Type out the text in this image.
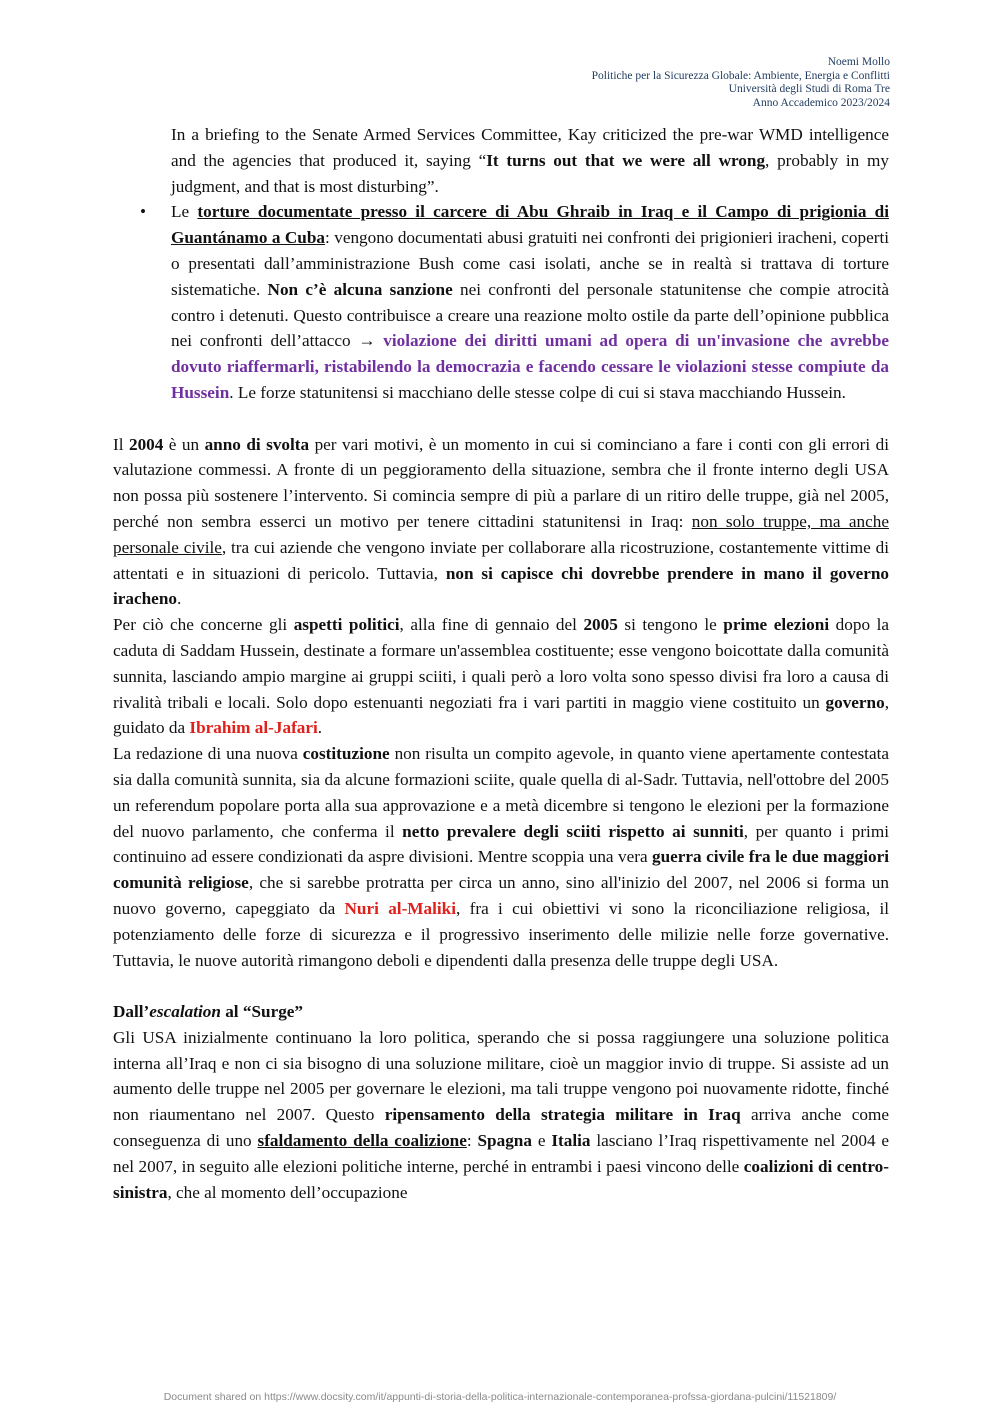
Noemi Mollo
Politiche per la Sicurezza Globale: Ambiente, Energia e Conflitti
Università degli Studi di Roma Tre
Anno Accademico 2023/2024

In a briefing to the Senate Armed Services Committee, Kay criticized the pre-war WMD intelligence and the agencies that produced it, saying “It turns out that we were all wrong, probably in my judgment, and that is most disturbing”.

• Le torture documentate presso il carcere di Abu Ghraib in Iraq e il Campo di prigionia di Guantánamo a Cuba: vengono documentati abusi gratuiti nei confronti dei prigionieri iracheni, coperti o presentati dall’amministrazione Bush come casi isolati, anche se in realtà si trattava di torture sistematiche. Non c’è alcuna sanzione nei confronti del personale statunitense che compie atrocità contro i detenuti. Questo contribuisce a creare una reazione molto ostile da parte dell’opinione pubblica nei confronti dell’attacco → violazione dei diritti umani ad opera di un'invasione che avrebbe dovuto riaffermarli, ristabilendo la democrazia e facendo cessare le violazioni stesse compiute da Hussein. Le forze statunitensi si macchiano delle stesse colpe di cui si stava macchiando Hussein.

Il 2004 è un anno di svolta per vari motivi, è un momento in cui si cominciano a fare i conti con gli errori di valutazione commessi. A fronte di un peggioramento della situazione, sembra che il fronte interno degli USA non possa più sostenere l’intervento. Si comincia sempre di più a parlare di un ritiro delle truppe, già nel 2005, perché non sembra esserci un motivo per tenere cittadini statunitensi in Iraq: non solo truppe, ma anche personale civile, tra cui aziende che vengono inviate per collaborare alla ricostruzione, costantemente vittime di attentati e in situazioni di pericolo. Tuttavia, non si capisce chi dovrebbe prendere in mano il governo iracheno.

Per ciò che concerne gli aspetti politici, alla fine di gennaio del 2005 si tengono le prime elezioni dopo la caduta di Saddam Hussein, destinate a formare un'assemblea costituente; esse vengono boicottate dalla comunità sunnita, lasciando ampio margine ai gruppi sciiti, i quali però a loro volta sono spesso divisi fra loro a causa di rivalità tribali e locali. Solo dopo estenuanti negoziati fra i vari partiti in maggio viene costituito un governo, guidato da Ibrahim al-Jafari.

La redazione di una nuova costituzione non risulta un compito agevole, in quanto viene apertamente contestata sia dalla comunità sunnita, sia da alcune formazioni sciite, quale quella di al-Sadr. Tuttavia, nell'ottobre del 2005 un referendum popolare porta alla sua approvazione e a metà dicembre si tengono le elezioni per la formazione del nuovo parlamento, che conferma il netto prevalere degli sciiti rispetto ai sunniti, per quanto i primi continuino ad essere condizionati da aspre divisioni. Mentre scoppia una vera guerra civile fra le due maggiori comunità religiose, che si sarebbe protratta per circa un anno, sino all'inizio del 2007, nel 2006 si forma un nuovo governo, capeggiato da Nuri al-Maliki, fra i cui obiettivi vi sono la riconciliazione religiosa, il potenziamento delle forze di sicurezza e il progressivo inserimento delle milizie nelle forze governative. Tuttavia, le nuove autorità rimangono deboli e dipendenti dalla presenza delle truppe degli USA.

Dall’escalation al “Surge”

Gli USA inizialmente continuano la loro politica, sperando che si possa raggiungere una soluzione politica interna all’Iraq e non ci sia bisogno di una soluzione militare, cioè un maggior invio di truppe. Si assiste ad un aumento delle truppe nel 2005 per governare le elezioni, ma tali truppe vengono poi nuovamente ridotte, finché non riaumentano nel 2007. Questo ripensamento della strategia militare in Iraq arriva anche come conseguenza di uno sfaldamento della coalizione: Spagna e Italia lasciano l’Iraq rispettivamente nel 2004 e nel 2007, in seguito alle elezioni politiche interne, perché in entrambi i paesi vincono delle coalizioni di centro-sinistra, che al momento dell’occupazione

Document shared on https://www.docsity.com/it/appunti-di-storia-della-politica-internazionale-contemporanea-profssa-giordana-pulcini/11521809/
